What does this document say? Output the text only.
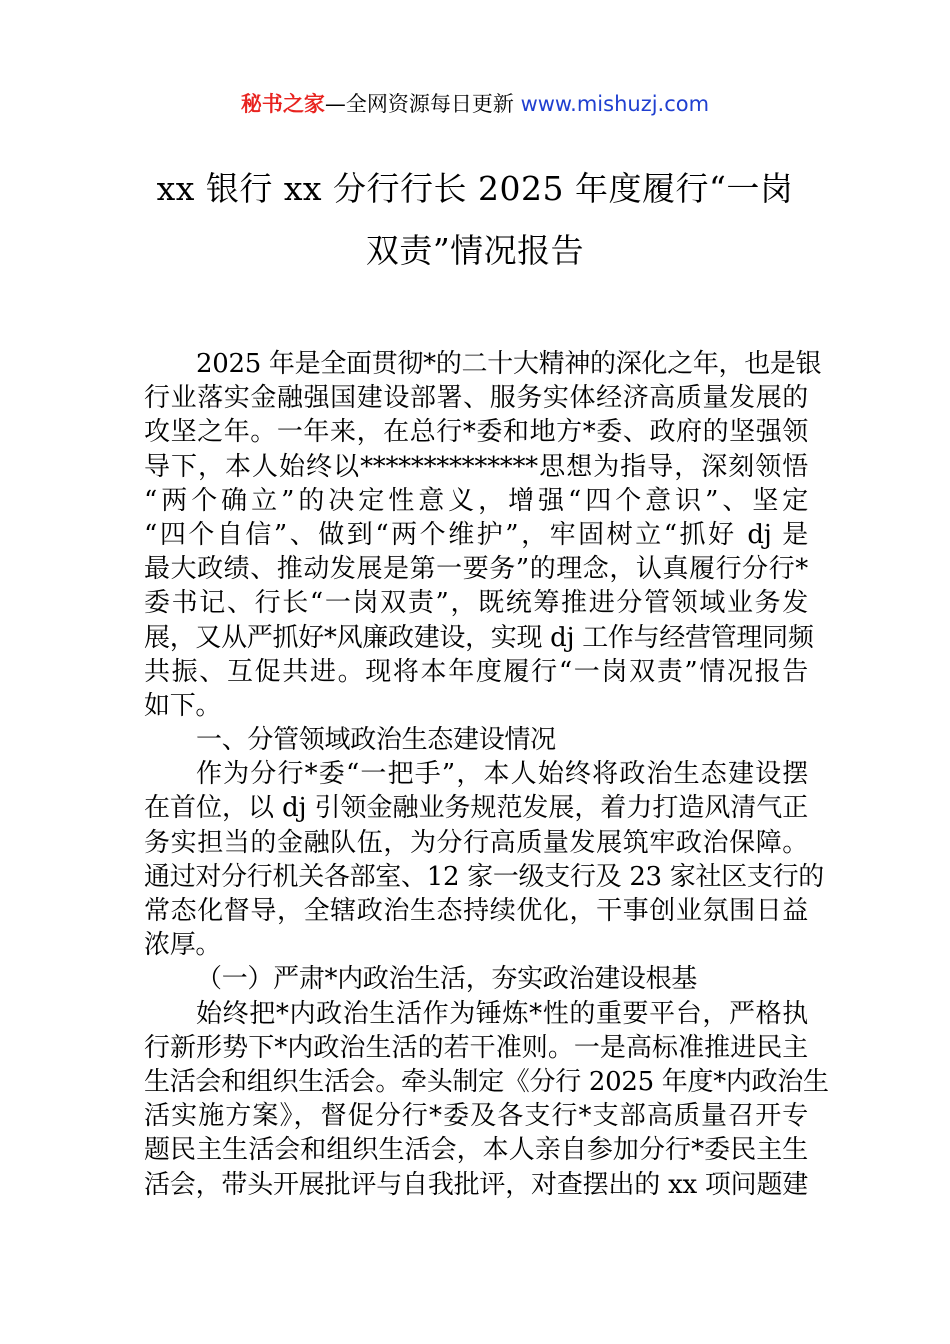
秘书之家—全网资源每日更新 www.mishuzj.com
xx 银行 xx 分行行长 2025 年度履行“一岗
双责”情况报告
2025 年是全面贯彻*的二十大精神的深化之年，也是银
行业落实金融强国建设部署、服务实体经济高质量发展的
攻坚之年。一年来，在总行*委和地方*委、政府的坚强领
导下，本人始终以**************思想为指导，深刻领悟
“两个确立”的决定性意义，增强“四个意识”、坚定
“四个自信”、做到“两个维护”，牢固树立“抓好 dj 是
最大政绩、推动发展是第一要务”的理念，认真履行分行*
委书记、行长“一岗双责”，既统筹推进分管领域业务发
展，又从严抓好*风廉政建设，实现 dj 工作与经营管理同频
共振、互促共进。现将本年度履行“一岗双责”情况报告
如下。
一、分管领域政治生态建设情况
作为分行*委“一把手”，本人始终将政治生态建设摆
在首位，以 dj 引领金融业务规范发展，着力打造风清气正
务实担当的金融队伍，为分行高质量发展筑牢政治保障。
通过对分行机关各部室、12 家一级支行及 23 家社区支行的
常态化督导，全辖政治生态持续优化，干事创业氛围日益
浓厚。
（一）严肃*内政治生活，夯实政治建设根基
始终把*内政治生活作为锤炼*性的重要平台，严格执
行新形势下*内政治生活的若干准则。一是高标准推进民主
生活会和组织生活会。牵头制定《分行 2025 年度*内政治生
活实施方案》，督促分行*委及各支行*支部高质量召开专
题民主生活会和组织生活会，本人亲自参加分行*委民主生
活会，带头开展批评与自我批评，对查摆出的 xx 项问题建
